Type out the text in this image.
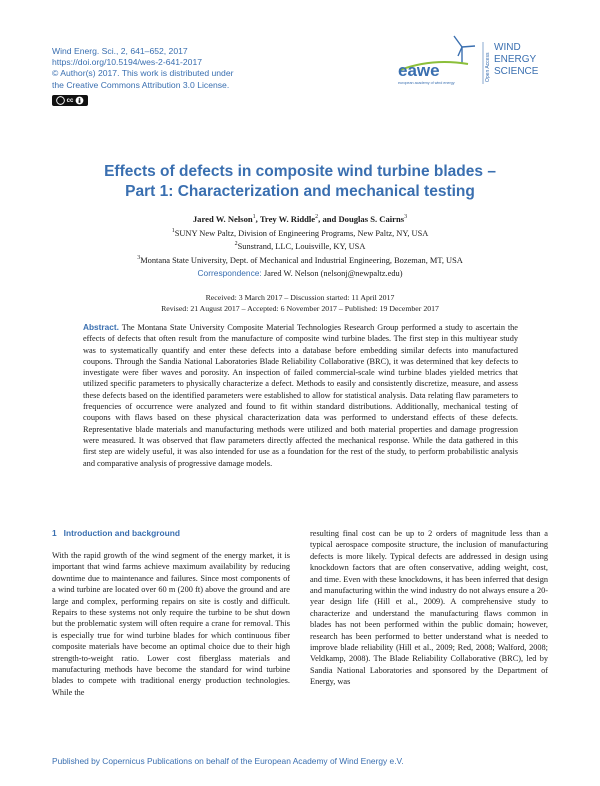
Wind Energ. Sci., 2, 641–652, 2017
https://doi.org/10.5194/wes-2-641-2017
© Author(s) 2017. This work is distributed under
the Creative Commons Attribution 3.0 License.
cc
eawe
european academy of wind energy
Open Access
WIND
ENERGY
SCIENCE
Effects of defects in composite wind turbine blades –
Part 1: Characterization and mechanical testing
Jared W. Nelson$^1$, Trey W. Riddle$^2$, and Douglas S. Cairns$^3$
$^1$SUNY New Paltz, Division of Engineering Programs, New Paltz, NY, USA
$^2$Sunstrand, LLC, Louisville, KY, USA
$^3$Montana State University, Dept. of Mechanical and Industrial Engineering, Bozeman, MT, USA
Correspondence: Jared W. Nelson (nelsonj@newpaltz.edu)
Received: 3 March 2017 – Discussion started: 11 April 2017
Revised: 21 August 2017 – Accepted: 6 November 2017 – Published: 19 December 2017
Abstract. The Montana State University Composite Material Technologies Research Group performed a study to ascertain the effects of defects that often result from the manufacture of composite wind turbine blades. The first step in this multiyear study was to systematically quantify and enter these defects into a database before embedding similar defects into manufactured coupons. Through the Sandia National Laboratories Blade Reliability Collaborative (BRC), it was determined that key defects to investigate were fiber waves and porosity. An inspection of failed commercial-scale wind turbine blades yielded metrics that utilized specific parameters to physically characterize a defect. Methods to easily and consistently discretize, measure, and assess these defects based on the identified parameters were established to allow for statistical analysis. Data relating flaw parameters to frequencies of occurrence were analyzed and found to fit within standard distributions. Additionally, mechanical testing of coupons with flaws based on these physical characterization data was performed to understand effects of these defects. Representative blade materials and manufacturing methods were utilized and both material properties and damage progression were measured. It was observed that flaw parameters directly affected the mechanical response. While the data gathered in this first step are widely useful, it was also intended for use as a foundation for the rest of the study, to perform probabilistic analysis and comparative analysis of progressive damage models.
1   Introduction and background
With the rapid growth of the wind segment of the energy market, it is important that wind farms achieve maximum availability by reducing downtime due to maintenance and failures. Since most components of a wind turbine are located over 60 m (200 ft) above the ground and are large and complex, performing repairs on site is costly and difficult. Repairs to these systems not only require the turbine to be shut down but the problematic system will often require a crane for removal. This is especially true for wind turbine blades for which continuous fiber composite materials have become an optimal choice due to their high strength-to-weight ratio. Lower cost fiberglass materials and manufacturing methods have become the standard for wind turbine blades to compete with traditional energy production technologies. While the
resulting final cost can be up to 2 orders of magnitude less than a typical aerospace composite structure, the inclusion of manufacturing defects is more likely. Typical defects are addressed in design using knockdown factors that are often conservative, adding weight, cost, and time. Even with these knockdowns, it has been inferred that design and manufacturing within the wind industry do not always ensure a 20-year design life (Hill et al., 2009). A comprehensive study to characterize and understand the manufacturing flaws common in blades has not been performed within the public domain; however, research has been performed to better understand what is needed to improve blade reliability (Hill et al., 2009; Red, 2008; Walford, 2008; Veldkamp, 2008). The Blade Reliability Collaborative (BRC), led by Sandia National Laboratories and sponsored by the Department of Energy, was
Published by Copernicus Publications on behalf of the European Academy of Wind Energy e.V.
